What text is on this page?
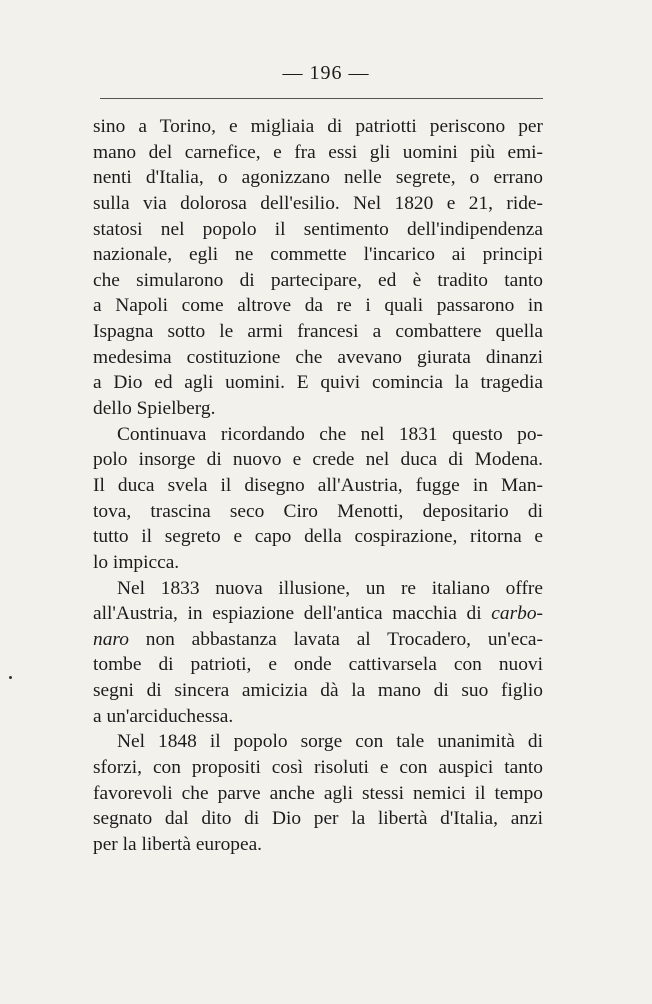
— 196 —
sino a Torino, e migliaia di patriotti periscono per
mano del carnefice, e fra essi gli uomini più emi-
nenti d'Italia, o agonizzano nelle segrete, o errano
sulla via dolorosa dell'esilio. Nel 1820 e 21, ride-
statosi nel popolo il sentimento dell'indipendenza
nazionale, egli ne commette l'incarico ai principi
che simularono di partecipare, ed è tradito tanto
a Napoli come altrove da re i quali passarono in
Ispagna sotto le armi francesi a combattere quella
medesima costituzione che avevano giurata dinanzi
a Dio ed agli uomini. E quivi comincia la tragedia
dello Spielberg.
Continuava ricordando che nel 1831 questo po-
polo insorge di nuovo e crede nel duca di Modena.
Il duca svela il disegno all'Austria, fugge in Man-
tova, trascina seco Ciro Menotti, depositario di
tutto il segreto e capo della cospirazione, ritorna e
lo impicca.
Nel 1833 nuova illusione, un re italiano offre
all'Austria, in espiazione dell'antica macchia di carbo-
naro non abbastanza lavata al Trocadero, un'eca-
tombe di patrioti, e onde cattivarsela con nuovi
segni di sincera amicizia dà la mano di suo figlio
a un'arciduchessa.
Nel 1848 il popolo sorge con tale unanimità di
sforzi, con propositi così risoluti e con auspici tanto
favorevoli che parve anche agli stessi nemici il tempo
segnato dal dito di Dio per la libertà d'Italia, anzi
per la libertà europea.
